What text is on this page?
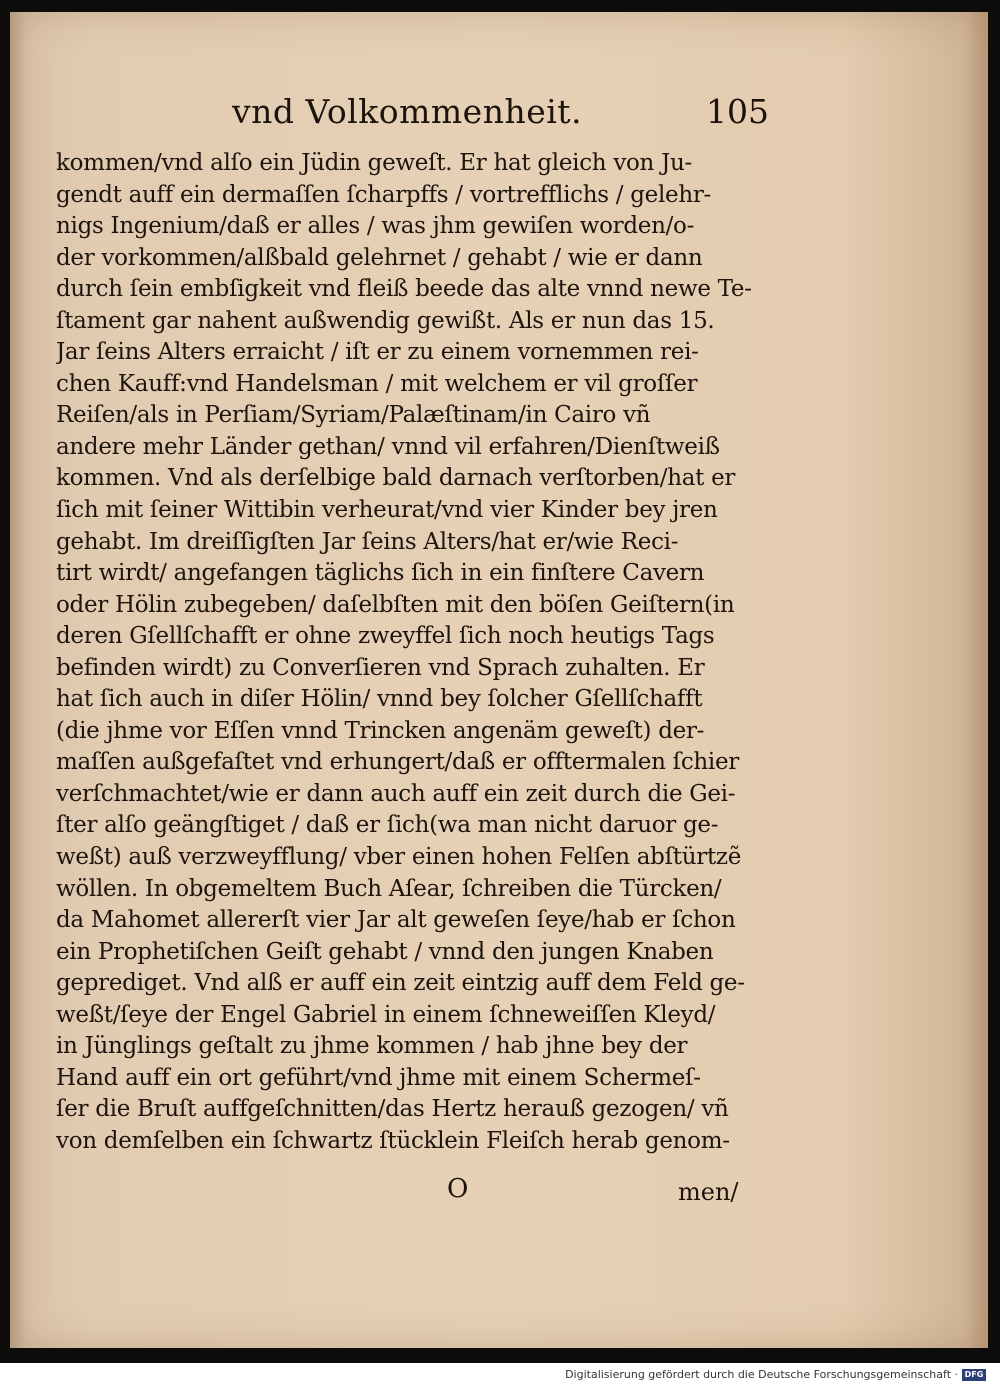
vnd Volkommenheit.	105
kommen/vnd alſo ein Jüdin geweſt. Er hat gleich von Ju-
gendt auff ein dermaſſen ſcharpffs / vortrefflichs / gelehr-
nigs Ingenium/daß er alles / was jhm gewiſen worden/o-
der vorkommen/alßbald gelehrnet / gehabt / wie er dann
durch ſein embſigkeit vnd fleiß beede das alte vnnd newe Te-
ſtament gar nahent außwendig gewißt. Als er nun das 15.
Jar ſeins Alters erraicht / iſt er zu einem vornemmen rei-
chen Kauff:vnd Handelsman / mit welchem er vil groſſer
Reiſen/als in Perſiam/Syriam/Palæſtinam/in Cairo vñ
andere mehr Länder gethan/ vnnd vil erfahren/Dienſtweiß
kommen. Vnd als derſelbige bald darnach verſtorben/hat er
ſich mit ſeiner Wittibin verheurat/vnd vier Kinder bey jren
gehabt. Im dreiſſigſten Jar ſeins Alters/hat er/wie Reci-
tirt wirdt/ angefangen täglichs ſich in ein finſtere Cavern
oder Hölin zubegeben/ daſelbſten mit den böſen Geiſtern(in
deren Gſellſchafft er ohne zweyffel ſich noch heutigs Tags
befinden wirdt) zu Converſieren vnd Sprach zuhalten. Er
hat ſich auch in diſer Hölin/ vnnd bey ſolcher Gſellſchafft
(die jhme vor Eſſen vnnd Trincken angenäm geweſt) der-
maſſen außgefaſtet vnd erhungert/daß er offtermalen ſchier
verſchmachtet/wie er dann auch auff ein zeit durch die Gei-
ſter alſo geängſtiget / daß er ſich(wa man nicht daruor ge-
weßt) auß verzweyfflung/ vber einen hohen Felſen abſtürtzẽ
wöllen. In obgemeltem Buch Aſear, ſchreiben die Türcken/
da Mahomet allererſt vier Jar alt geweſen ſeye/hab er ſchon
ein Prophetiſchen Geiſt gehabt / vnnd den jungen Knaben
geprediget. Vnd alß er auff ein zeit eintzig auff dem Feld ge-
weßt/ſeye der Engel Gabriel in einem ſchneweiſſen Kleyd/
in Jünglings geſtalt zu jhme kommen / hab jhne bey der
Hand auff ein ort geführt/vnd jhme mit einem Schermeſ-
ſer die Bruſt auffgeſchnitten/das Hertz herauß gezogen/ vñ
von demſelben ein ſchwartz ſtücklein Fleiſch herab genom-
O	men/
Digitalisierung gefördert durch die Deutsche Forschungsgemeinschaft · DFG
